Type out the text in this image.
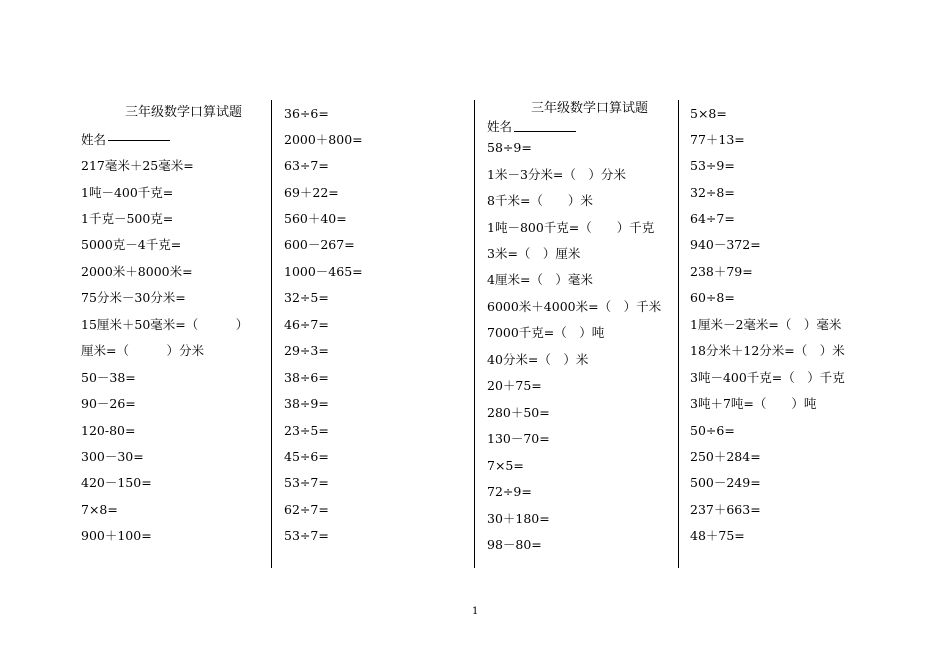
三年级数学口算试题
姓名
217毫米＋25毫米=
1吨－400千克=
1千克－500克=
5000克－4千克=
2000米＋8000米=
75分米－30分米=
15厘米＋50毫米=（　　　）
厘米=（　　　）分米
50－38=
90－26=
120-80=
300－30=
420－150=
7×8=
900＋100=
36÷6=
2000＋800=
63÷7=
69＋22=
560＋40=
600－267=
1000－465=
32÷5=
46÷7=
29÷3=
38÷6=
38÷9=
23÷5=
45÷6=
53÷7=
62÷7=
53÷7=
三年级数学口算试题
姓名
58÷9=
1米－3分米=（　）分米
8千米=（　　）米
1吨－800千克=（　　）千克
3米=（　）厘米
4厘米=（　）毫米
6000米＋4000米=（　）千米
7000千克=（　）吨
40分米=（　）米
20＋75=
280＋50=
130－70=
7×5=
72÷9=
30＋180=
98－80=
5×8=
77＋13=
53÷9=
32÷8=
64÷7=
940－372=
238＋79=
60÷8=
1厘米－2毫米=（　）毫米
18分米＋12分米=（　）米
3吨－400千克=（　）千克
3吨＋7吨=（　　）吨
50÷6=
250＋284=
500－249=
237＋663=
48＋75=
1
